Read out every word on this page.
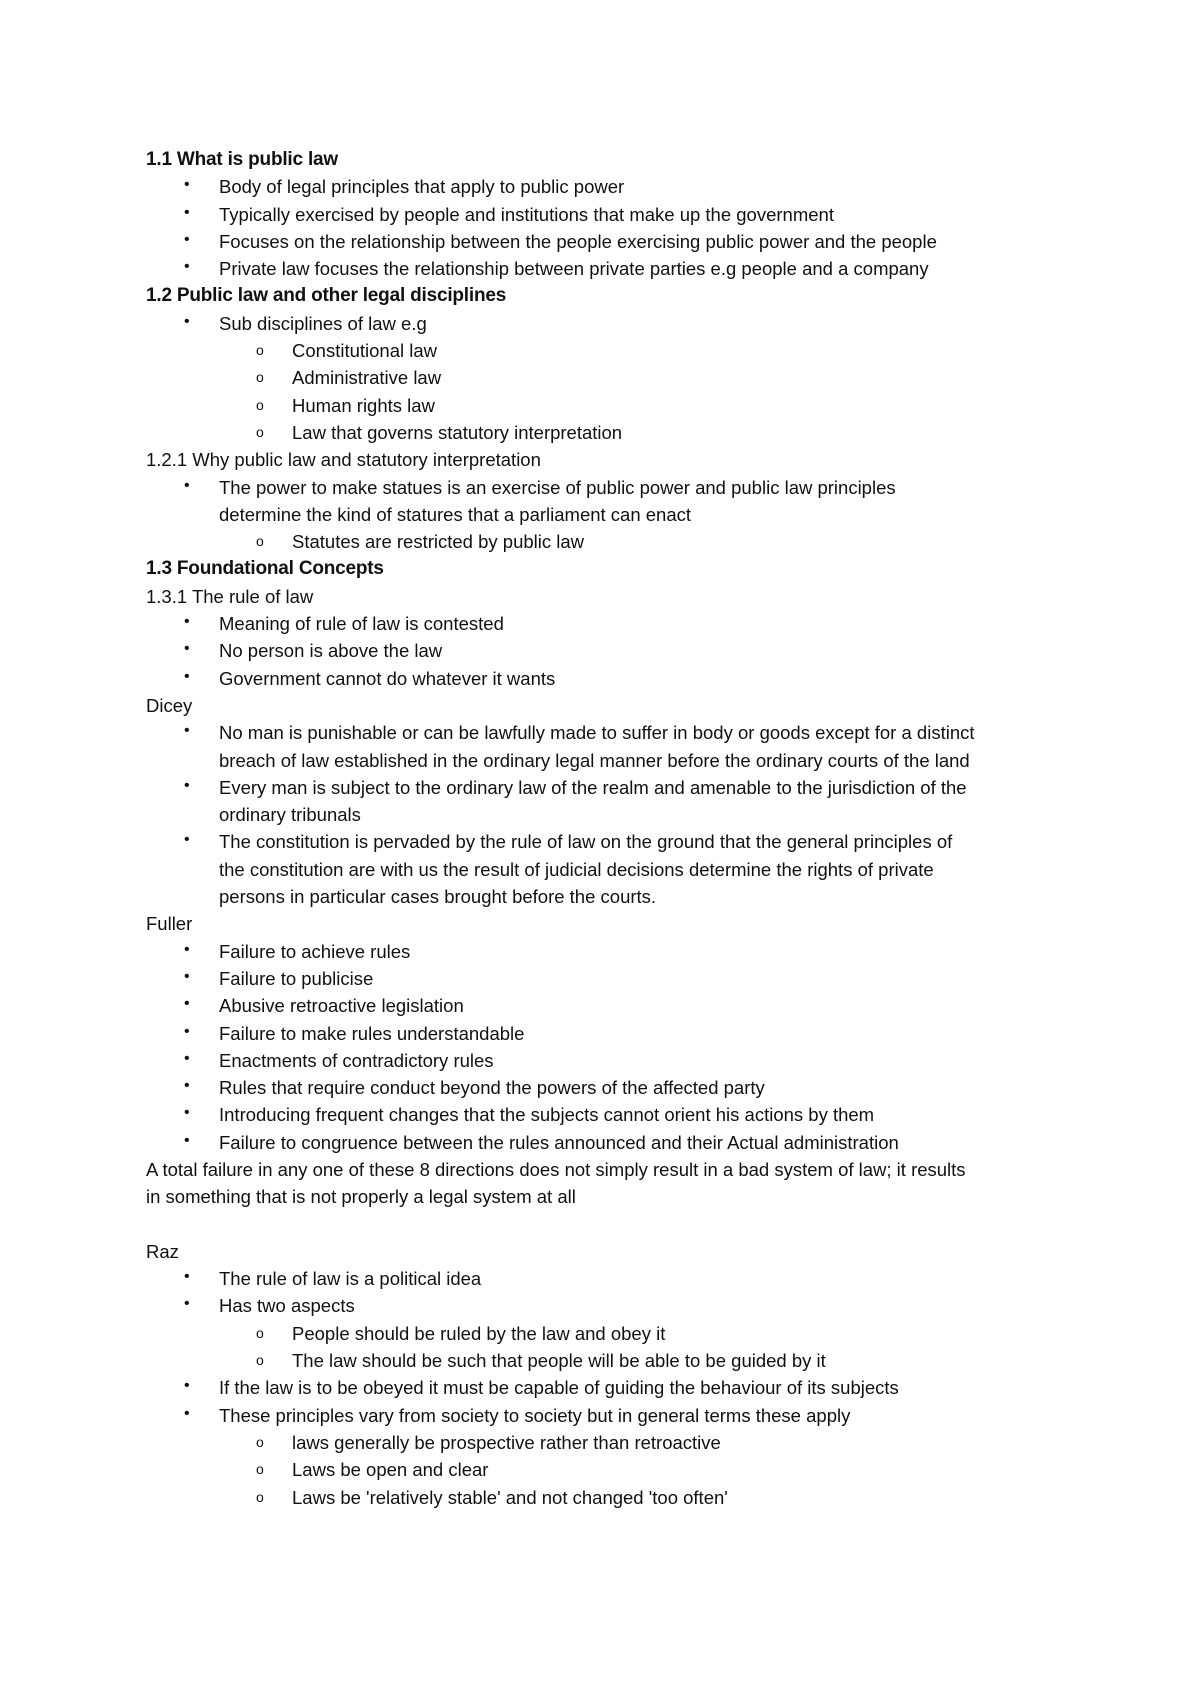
1.1 What is public law
• Body of legal principles that apply to public power
• Typically exercised by people and institutions that make up the government
• Focuses on the relationship between the people exercising public power and the people
• Private law focuses the relationship between private parties e.g people and a company
1.2 Public law and other legal disciplines
• Sub disciplines of law e.g
o Constitutional law
o Administrative law
o Human rights law
o Law that governs statutory interpretation
1.2.1 Why public law and statutory interpretation
• The power to make statues is an exercise of public power and public law principles
determine the kind of statures that a parliament can enact
o Statutes are restricted by public law
1.3 Foundational Concepts
1.3.1 The rule of law
• Meaning of rule of law is contested
• No person is above the law
• Government cannot do whatever it wants
Dicey
• No man is punishable or can be lawfully made to suffer in body or goods except for a distinct
breach of law established in the ordinary legal manner before the ordinary courts of the land
• Every man is subject to the ordinary law of the realm and amenable to the jurisdiction of the
ordinary tribunals
• The constitution is pervaded by the rule of law on the ground that the general principles of
the constitution are with us the result of judicial decisions determine the rights of private
persons in particular cases brought before the courts.
Fuller
• Failure to achieve rules
• Failure to publicise
• Abusive retroactive legislation
• Failure to make rules understandable
• Enactments of contradictory rules
• Rules that require conduct beyond the powers of the affected party
• Introducing frequent changes that the subjects cannot orient his actions by them
• Failure to congruence between the rules announced and their Actual administration
A total failure in any one of these 8 directions does not simply result in a bad system of law; it results
in something that is not properly a legal system at all
Raz
• The rule of law is a political idea
• Has two aspects
o People should be ruled by the law and obey it
o The law should be such that people will be able to be guided by it
• If the law is to be obeyed it must be capable of guiding the behaviour of its subjects
• These principles vary from society to society but in general terms these apply
o laws generally be prospective rather than retroactive
o Laws be open and clear
o Laws be 'relatively stable' and not changed 'too often'
